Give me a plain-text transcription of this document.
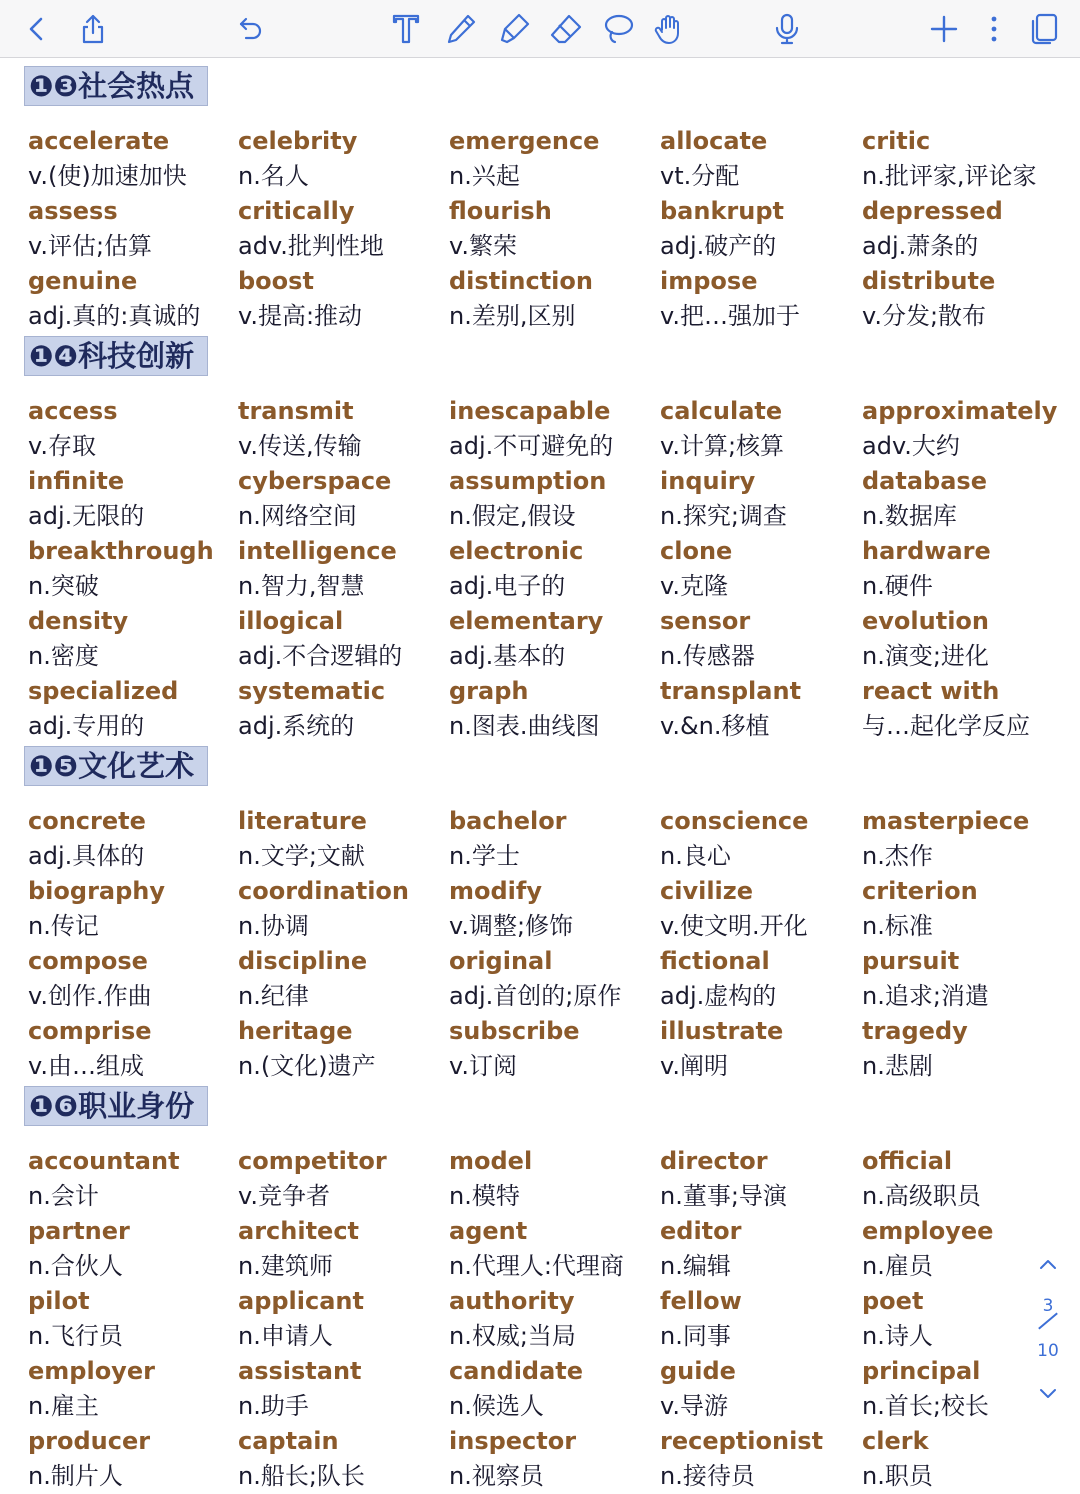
❶❸社会热点
accelerate
v.(使)加速加快
celebrity
n.名人
emergence
n.兴起
allocate
vt.分配
critic
n.批评家,评论家
assess
v.评估;估算
critically
adv.批判性地
flourish
v.繁荣
bankrupt
adj.破产的
depressed
adj.萧条的
genuine
adj.真的:真诚的
boost
v.提高:推动
distinction
n.差别,区别
impose
v.把…强加于
distribute
v.分发;散布
❶❹科技创新
access
v.存取
transmit
v.传送,传输
inescapable
adj.不可避免的
calculate
v.计算;核算
approximately
adv.大约
infinite
adj.无限的
cyberspace
n.网络空间
assumption
n.假定,假设
inquiry
n.探究;调查
database
n.数据库
breakthrough
n.突破
intelligence
n.智力,智慧
electronic
adj.电子的
clone
v.克隆
hardware
n.硬件
density
n.密度
illogical
adj.不合逻辑的
elementary
adj.基本的
sensor
n.传感器
evolution
n.演变;进化
specialized
adj.专用的
systematic
adj.系统的
graph
n.图表.曲线图
transplant
v.&n.移植
react with
与…起化学反应
❶❺文化艺术
concrete
adj.具体的
literature
n.文学;文献
bachelor
n.学士
conscience
n.良心
masterpiece
n.杰作
biography
n.传记
coordination
n.协调
modify
v.调整;修饰
civilize
v.使文明.开化
criterion
n.标准
compose
v.创作.作曲
discipline
n.纪律
original
adj.首创的;原作
fictional
adj.虚构的
pursuit
n.追求;消遣
comprise
v.由…组成
heritage
n.(文化)遗产
subscribe
v.订阅
illustrate
v.阐明
tragedy
n.悲剧
❶❻职业身份
accountant
n.会计
competitor
v.竞争者
model
n.模特
director
n.董事;导演
official
n.高级职员
partner
n.合伙人
architect
n.建筑师
agent
n.代理人:代理商
editor
n.编辑
employee
n.雇员
pilot
n.飞行员
applicant
n.申请人
authority
n.权威;当局
fellow
n.同事
poet
n.诗人
employer
n.雇主
assistant
n.助手
candidate
n.候选人
guide
v.导游
principal
n.首长;校长
producer
n.制片人
captain
n.船长;队长
inspector
n.视察员
receptionist
n.接待员
clerk
n.职员
3
10
